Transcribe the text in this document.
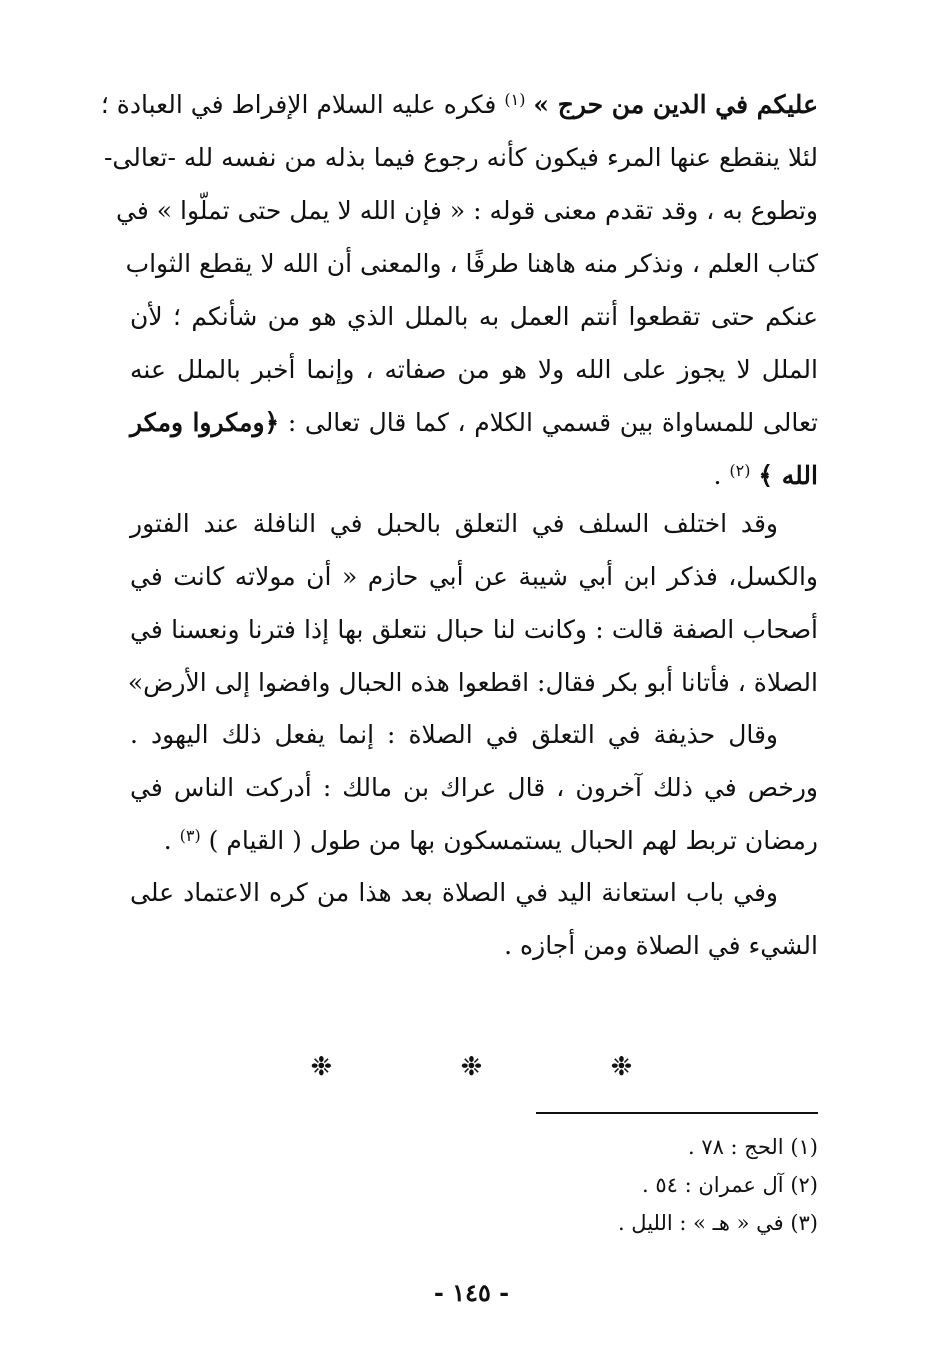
عليكم في الدين من حرج » $^{(١)}$ فكره عليه السلام الإفراط في العبادة ؛
لئلا ينقطع عنها المرء فيكون كأنه رجوع فيما بذله من نفسه لله -تعالى-
وتطوع به ، وقد تقدم معنى قوله : « فإن الله لا يمل حتى تملّوا » في
كتاب العلم ، ونذكر منه هاهنا طرفًا ، والمعنى أن الله لا يقطع الثواب
عنكم حتى تقطعوا أنتم العمل به بالملل الذي هو من شأنكم ؛ لأن
الملل لا يجوز على الله ولا هو من صفاته ، وإنما أخبر بالملل عنه
تعالى للمساواة بين قسمي الكلام ، كما قال تعالى : ﴿ومكروا ومكر
الله ﴾ $^{(٢)}$ .
وقد اختلف السلف في التعلق بالحبل في النافلة عند الفتور
والكسل، فذكر ابن أبي شيبة عن أبي حازم « أن مولاته كانت في
أصحاب الصفة قالت : وكانت لنا حبال نتعلق بها إذا فترنا ونعسنا في
الصلاة ، فأتانا أبو بكر فقال: اقطعوا هذه الحبال وافضوا إلى الأرض»
وقال حذيفة في التعلق في الصلاة : إنما يفعل ذلك اليهود .
ورخص في ذلك آخرون ، قال عراك بن مالك : أدركت الناس في
رمضان تربط لهم الحبال يستمسكون بها من طول ( القيام ) $^{(٣)}$ .
وفي باب استعانة اليد في الصلاة بعد هذا من كره الاعتماد على
الشيء في الصلاة ومن أجازه .
❉ ❉ ❉
(١) الحج : ٧٨ .
(٢) آل عمران : ٥٤ .
(٣) في « هـ » : الليل .
- ١٤٥ -
